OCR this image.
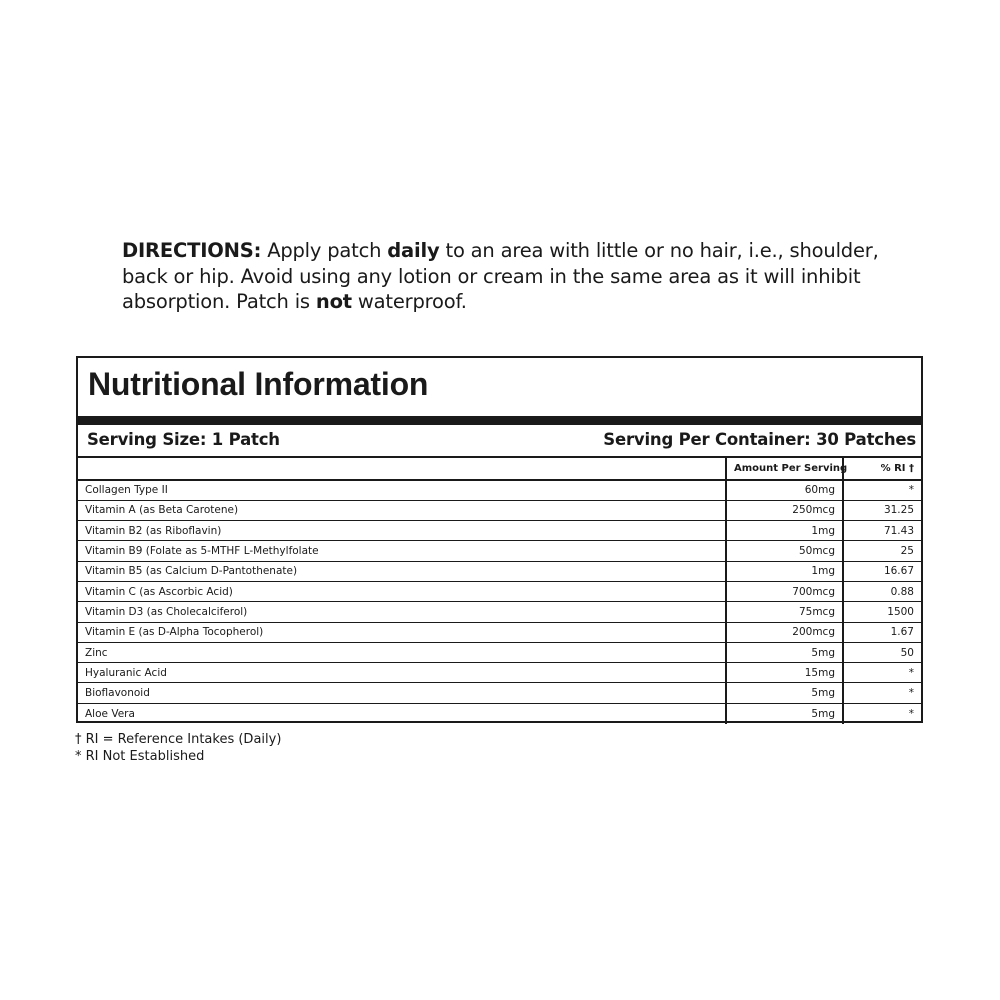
DIRECTIONS: Apply patch daily to an area with little or no hair, i.e., shoulder, back or hip. Avoid using any lotion or cream in the same area as it will inhibit absorption. Patch is not waterproof.
Nutritional Information
Serving Size: 1 Patch	Serving Per Container: 30 Patches
	Amount Per Serving	% RI †
Collagen Type II	60mg	*
Vitamin A (as Beta Carotene)	250mcg	31.25
Vitamin B2 (as Riboflavin)	1mg	71.43
Vitamin B9 (Folate as 5-MTHF L-Methylfolate	50mcg	25
Vitamin B5 (as Calcium D-Pantothenate)	1mg	16.67
Vitamin C (as Ascorbic Acid)	700mcg	0.88
Vitamin D3 (as Cholecalciferol)	75mcg	1500
Vitamin E (as D-Alpha Tocopherol)	200mcg	1.67
Zinc	5mg	50
Hyaluranic Acid	15mg	*
Bioflavonoid	5mg	*
Aloe Vera	5mg	*
† RI = Reference Intakes (Daily)
* RI Not Established
